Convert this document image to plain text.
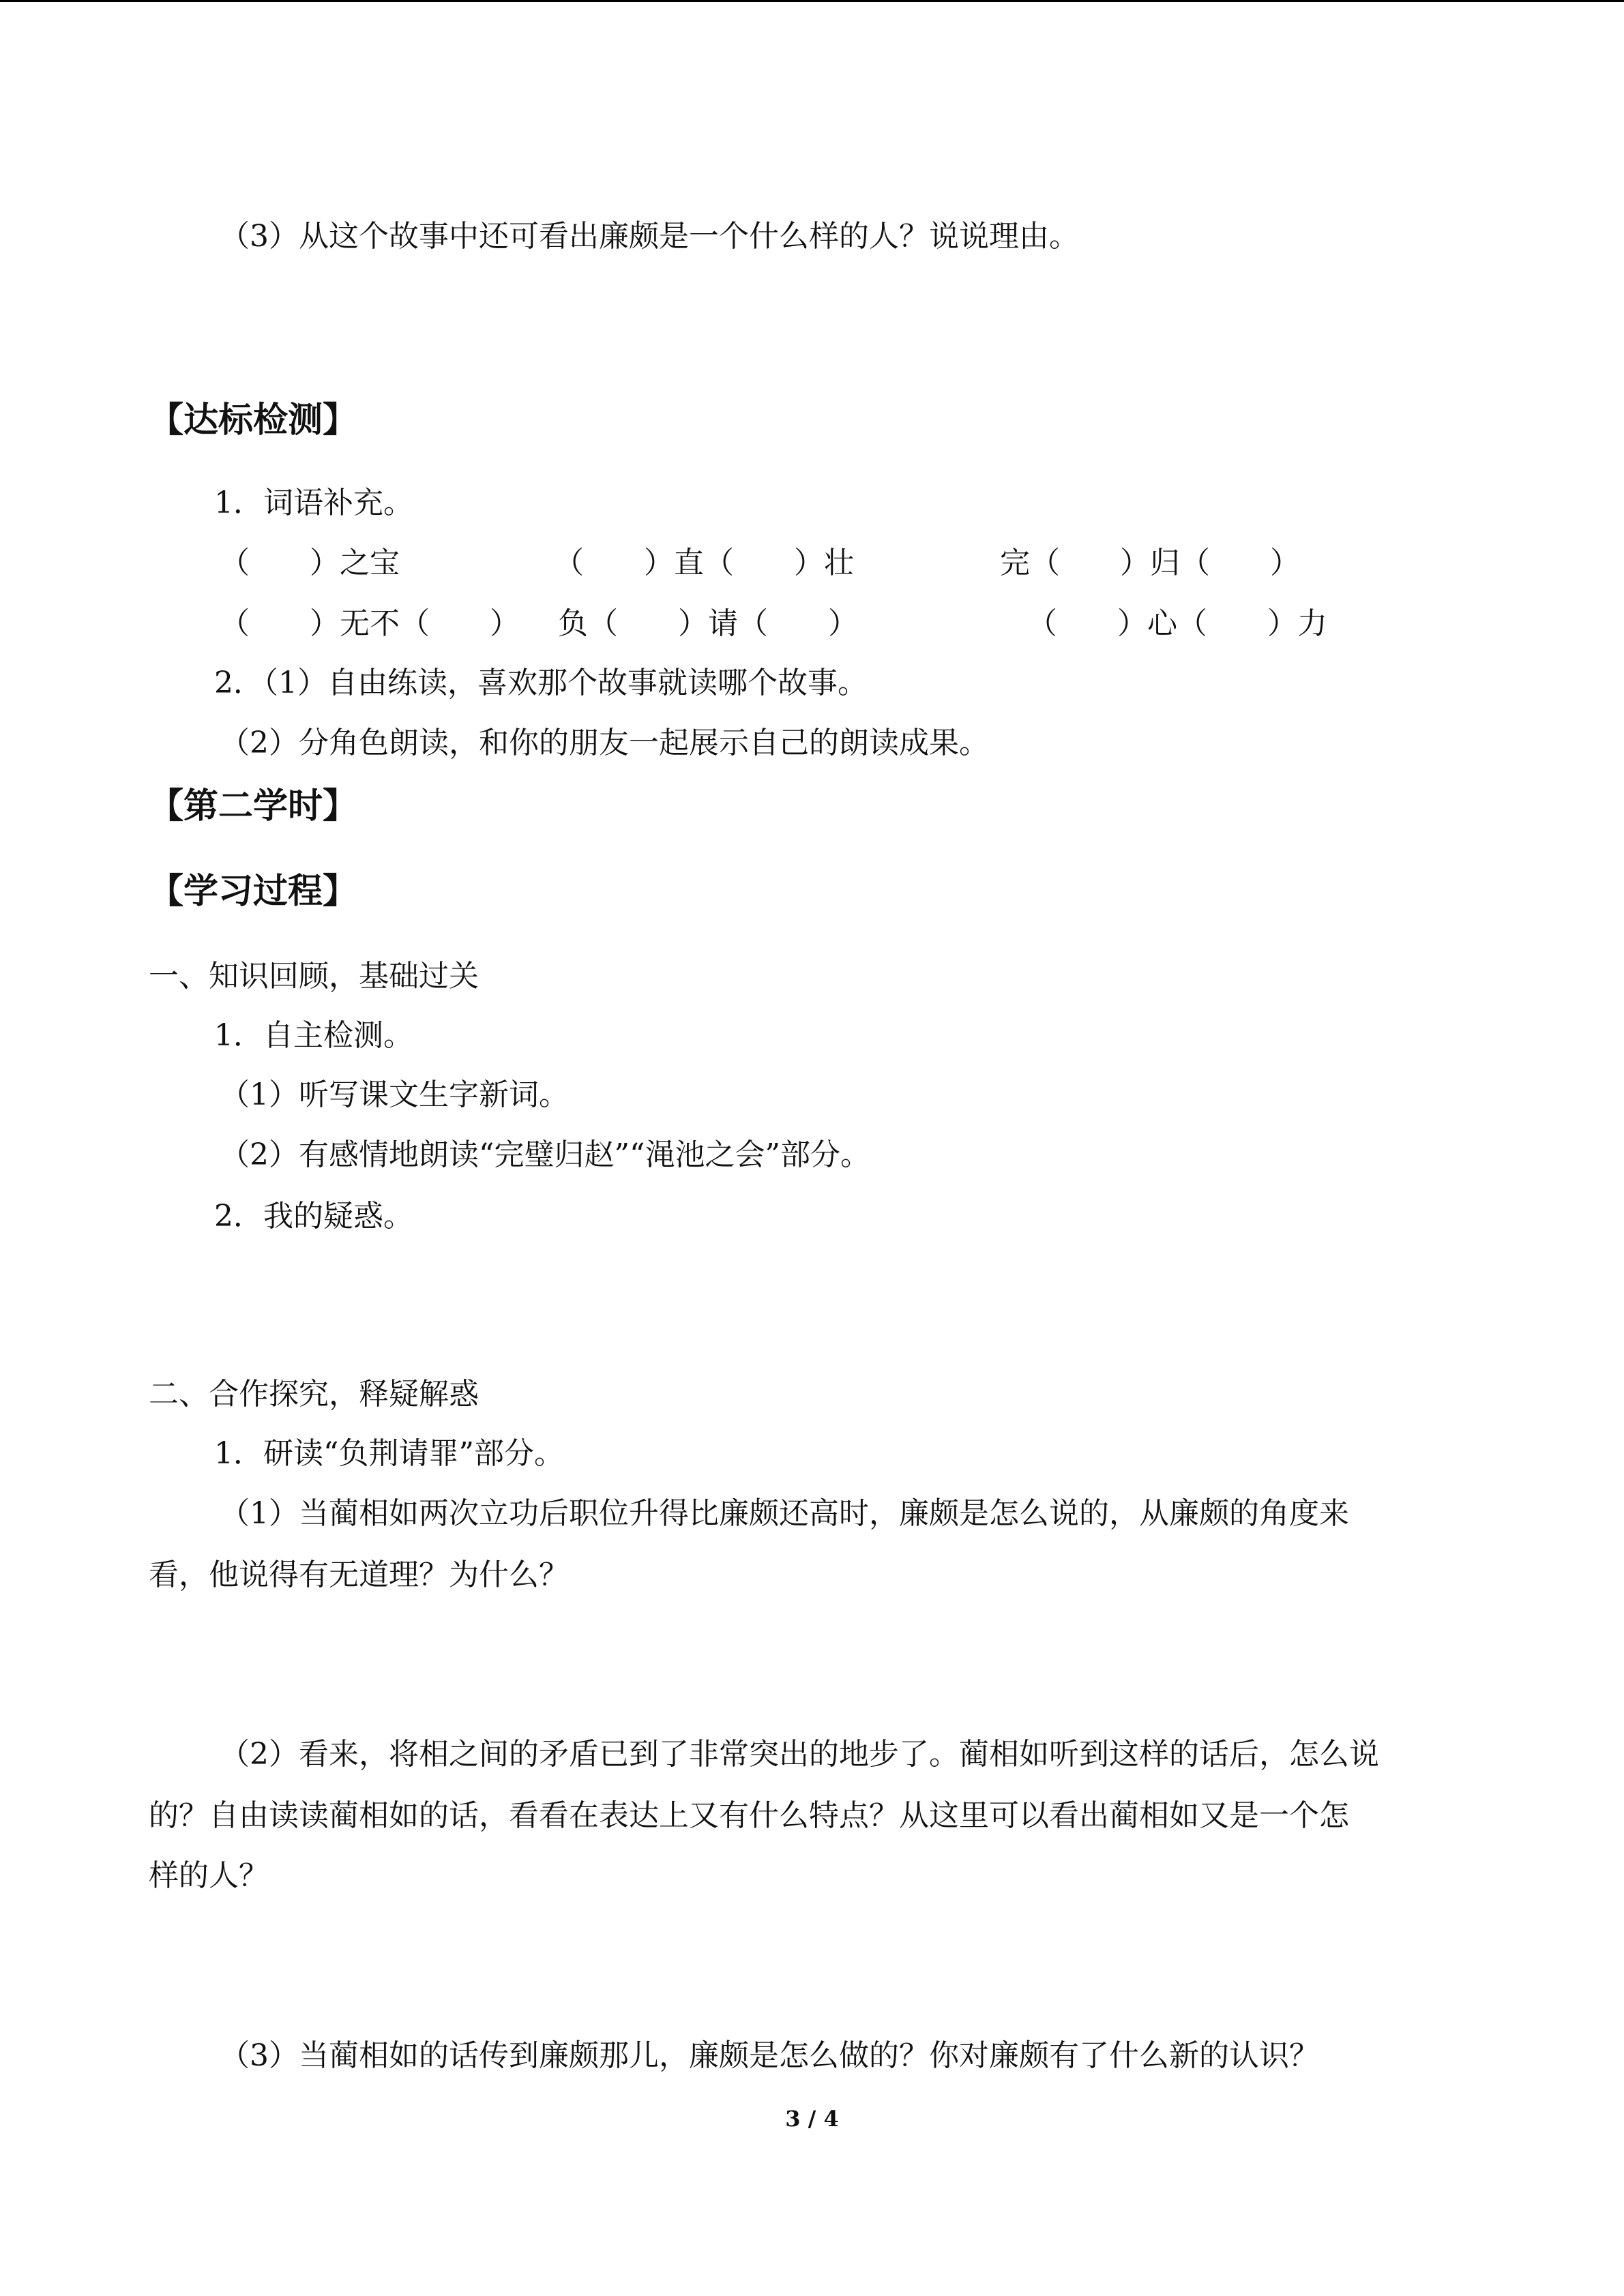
（3）从这个故事中还可看出廉颇是一个什么样的人？说说理由。
【达标检测】
1．词语补充。
（　　）之宝	（　　）直（　　）壮	完（　　）归（　　）
（　　）无不（　　） 负（　　）请（　　）	（　　）心（　　）力
2．（1）自由练读，喜欢那个故事就读哪个故事。
（2）分角色朗读，和你的朋友一起展示自己的朗读成果。
【第二学时】
【学习过程】
一、知识回顾，基础过关
1．自主检测。
（1）听写课文生字新词。
（2）有感情地朗读“完璧归赵”“渑池之会”部分。
2．我的疑惑。
二、合作探究，释疑解惑
1．研读“负荆请罪”部分。
（1）当蔺相如两次立功后职位升得比廉颇还高时，廉颇是怎么说的，从廉颇的角度来
看，他说得有无道理？为什么？
（2）看来，将相之间的矛盾已到了非常突出的地步了。蔺相如听到这样的话后，怎么说
的？自由读读蔺相如的话，看看在表达上又有什么特点？从这里可以看出蔺相如又是一个怎
样的人？
（3）当蔺相如的话传到廉颇那儿，廉颇是怎么做的？你对廉颇有了什么新的认识？
3 / 4
